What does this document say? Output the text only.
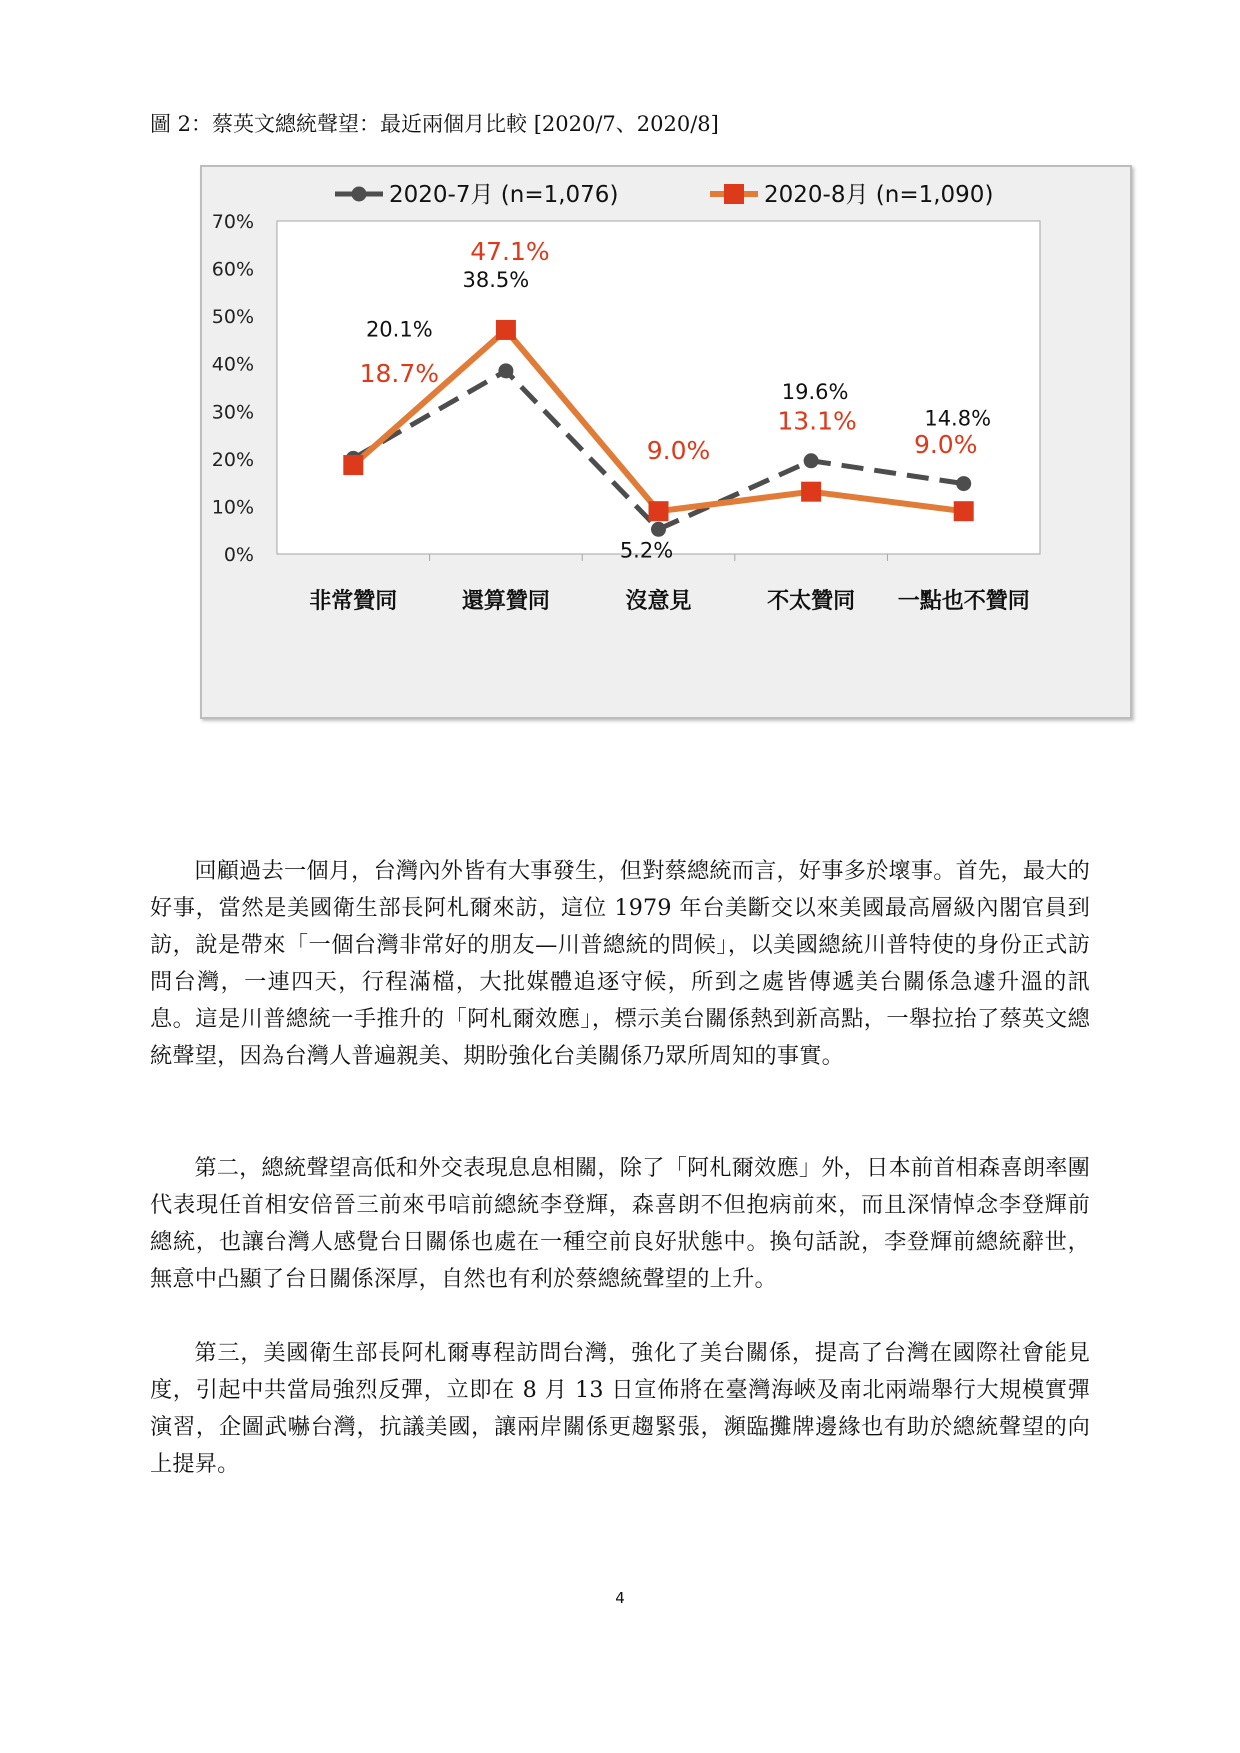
圖 2：蔡英文總統聲望：最近兩個月比較 [2020/7、2020/8]
0%
10%
20%
30%
40%
50%
60%
70%
非常贊同	還算贊同	沒意見	不太贊同 一點也不贊同
20.1%
38.5%
5.2%
19.6%
14.8%
18.7%
47.1%
9.0%
13.1%
9.0%
2020-7月 (n=1,076)	2020-8月 (n=1,090)

回顧過去一個月，台灣內外皆有大事發生，但對蔡總統而言，好事多於壞事。首先，最大的好事，當然是美國衛生部長阿札爾來訪，這位 1979 年台美斷交以來美國最高層級內閣官員到訪，說是帶來「一個台灣非常好的朋友—川普總統的問候」，以美國總統川普特使的身份正式訪問台灣，一連四天，行程滿檔，大批媒體追逐守候，所到之處皆傳遞美台關係急遽升溫的訊息。這是川普總統一手推升的「阿札爾效應」，標示美台關係熱到新高點，一舉拉抬了蔡英文總統聲望，因為台灣人普遍親美、期盼強化台美關係乃眾所周知的事實。

第二，總統聲望高低和外交表現息息相關，除了「阿札爾效應」外，日本前首相森喜朗率團代表現任首相安倍晉三前來弔唁前總統李登輝，森喜朗不但抱病前來，而且深情悼念李登輝前總統，也讓台灣人感覺台日關係也處在一種空前良好狀態中。換句話說，李登輝前總統辭世，無意中凸顯了台日關係深厚，自然也有利於蔡總統聲望的上升。

第三，美國衛生部長阿札爾專程訪問台灣，強化了美台關係，提高了台灣在國際社會能見度，引起中共當局強烈反彈，立即在 8 月 13 日宣佈將在臺灣海峽及南北兩端舉行大規模實彈演習，企圖武嚇台灣，抗議美國，讓兩岸關係更趨緊張，瀕臨攤牌邊緣也有助於總統聲望的向上提昇。

4
